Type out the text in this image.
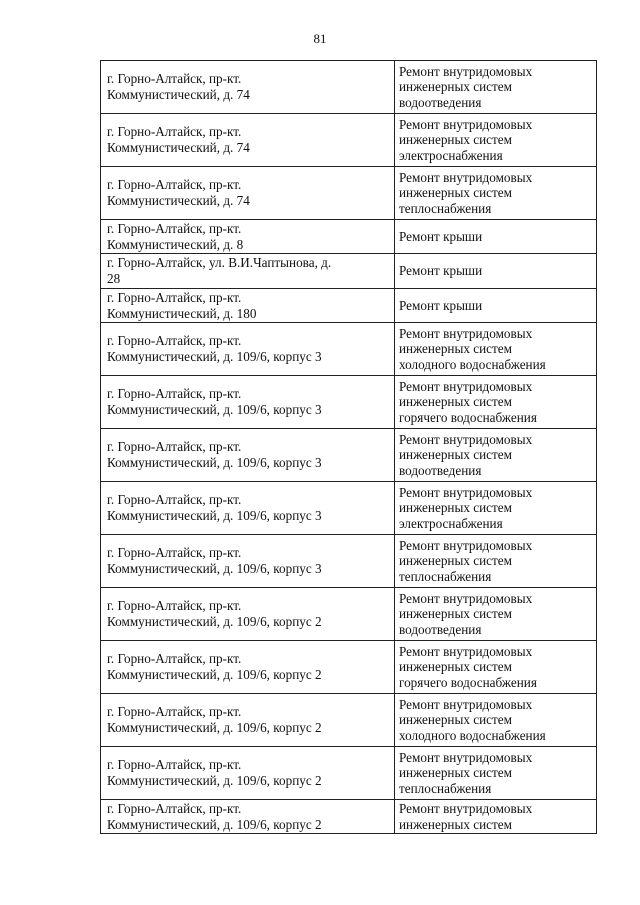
81
г. Горно-Алтайск, пр-кт.
Коммунистический, д. 74	Ремонт внутридомовых
инженерных систем
водоотведения
г. Горно-Алтайск, пр-кт.
Коммунистический, д. 74	Ремонт внутридомовых
инженерных систем
электроснабжения
г. Горно-Алтайск, пр-кт.
Коммунистический, д. 74	Ремонт внутридомовых
инженерных систем
теплоснабжения
г. Горно-Алтайск, пр-кт.
Коммунистический, д. 8	Ремонт крыши
г. Горно-Алтайск, ул. В.И.Чаптынова, д.
28	Ремонт крыши
г. Горно-Алтайск, пр-кт.
Коммунистический, д. 180	Ремонт крыши
г. Горно-Алтайск, пр-кт.
Коммунистический, д. 109/6, корпус 3	Ремонт внутридомовых
инженерных систем
холодного водоснабжения
г. Горно-Алтайск, пр-кт.
Коммунистический, д. 109/6, корпус 3	Ремонт внутридомовых
инженерных систем
горячего водоснабжения
г. Горно-Алтайск, пр-кт.
Коммунистический, д. 109/6, корпус 3	Ремонт внутридомовых
инженерных систем
водоотведения
г. Горно-Алтайск, пр-кт.
Коммунистический, д. 109/6, корпус 3	Ремонт внутридомовых
инженерных систем
электроснабжения
г. Горно-Алтайск, пр-кт.
Коммунистический, д. 109/6, корпус 3	Ремонт внутридомовых
инженерных систем
теплоснабжения
г. Горно-Алтайск, пр-кт.
Коммунистический, д. 109/6, корпус 2	Ремонт внутридомовых
инженерных систем
водоотведения
г. Горно-Алтайск, пр-кт.
Коммунистический, д. 109/6, корпус 2	Ремонт внутридомовых
инженерных систем
горячего водоснабжения
г. Горно-Алтайск, пр-кт.
Коммунистический, д. 109/6, корпус 2	Ремонт внутридомовых
инженерных систем
холодного водоснабжения
г. Горно-Алтайск, пр-кт.
Коммунистический, д. 109/6, корпус 2	Ремонт внутридомовых
инженерных систем
теплоснабжения
г. Горно-Алтайск, пр-кт.
Коммунистический, д. 109/6, корпус 2	Ремонт внутридомовых
инженерных систем
